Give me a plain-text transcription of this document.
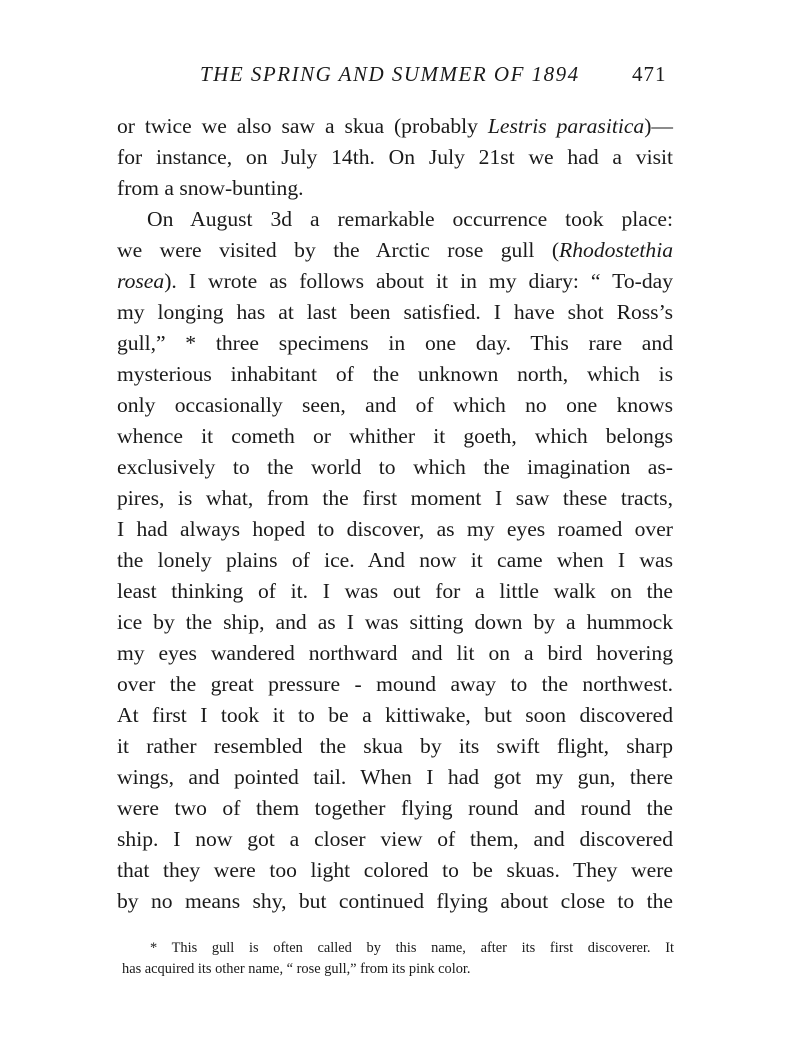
THE SPRING AND SUMMER OF 1894	471
or twice we also saw a skua (probably Lestris parasitica)—
for instance, on July 14th. On July 21st we had a visit
from a snow-bunting.
On August 3d a remarkable occurrence took place:
we were visited by the Arctic rose gull (Rhodostethia
rosea). I wrote as follows about it in my diary: “ To-day
my longing has at last been satisfied. I have shot Ross’s
gull,” * three specimens in one day. This rare and
mysterious inhabitant of the unknown north, which is
only occasionally seen, and of which no one knows
whence it cometh or whither it goeth, which belongs
exclusively to the world to which the imagination as-
pires, is what, from the first moment I saw these tracts,
I had always hoped to discover, as my eyes roamed over
the lonely plains of ice. And now it came when I was
least thinking of it. I was out for a little walk on the
ice by the ship, and as I was sitting down by a hummock
my eyes wandered northward and lit on a bird hovering
over the great pressure - mound away to the northwest.
At first I took it to be a kittiwake, but soon discovered
it rather resembled the skua by its swift flight, sharp
wings, and pointed tail. When I had got my gun, there
were two of them together flying round and round the
ship. I now got a closer view of them, and discovered
that they were too light colored to be skuas. They were
by no means shy, but continued flying about close to the
* This gull is often called by this name, after its first discoverer. It
has acquired its other name, “ rose gull,” from its pink color.
